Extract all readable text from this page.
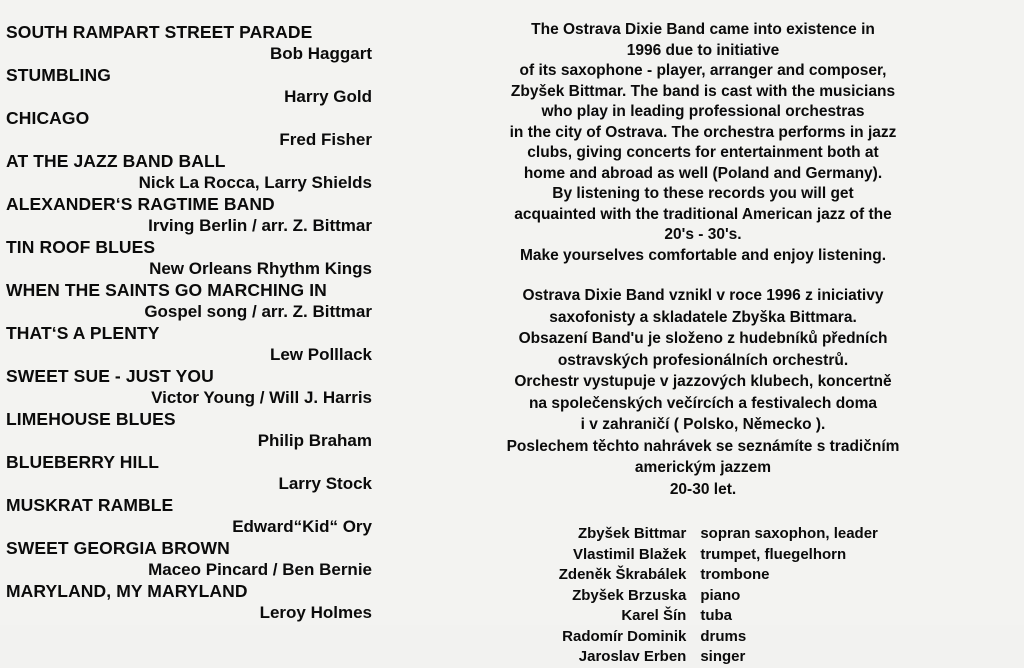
SOUTH RAMPART STREET PARADE
Bob Haggart
STUMBLING
Harry Gold
CHICAGO
Fred Fisher
AT THE JAZZ BAND BALL
Nick La Rocca, Larry Shields
ALEXANDER‘S RAGTIME BAND
Irving Berlin / arr. Z. Bittmar
TIN ROOF BLUES
New Orleans Rhythm Kings
WHEN THE SAINTS GO MARCHING IN
Gospel song / arr. Z. Bittmar
THAT‘S A PLENTY
Lew Polllack
SWEET SUE - JUST YOU
Victor Young / Will J. Harris
LIMEHOUSE BLUES
Philip Braham
BLUEBERRY HILL
Larry Stock
MUSKRAT RAMBLE
Edward“Kid“ Ory
SWEET GEORGIA BROWN
Maceo Pincard / Ben Bernie
MARYLAND, MY MARYLAND
Leroy Holmes

The Ostrava Dixie Band came into existence in
1996 due to initiative
of its saxophone - player, arranger and composer,
Zbyšek Bittmar. The band is cast with the musicians
who play in leading professional orchestras
in the city of Ostrava. The orchestra performs in jazz
clubs, giving concerts for entertainment both at
home and abroad as well (Poland and Germany).
By listening to these records you will get
acquainted with the traditional American jazz of the
20's - 30's.
Make yourselves comfortable and enjoy listening.

Ostrava Dixie Band vznikl v roce 1996 z iniciativy
saxofonisty a skladatele Zbyška Bittmara.
Obsazení Band'u je složeno z hudebníků předních
ostravských profesionálních orchestrů.
Orchestr vystupuje v jazzových klubech, koncertně
na společenských večírcích a festivalech doma
i v zahraničí ( Polsko, Německo ).
Poslechem těchto nahrávek se seznámíte s tradičním
americkým jazzem
20-30 let.

Zbyšek Bittmar sopran saxophon, leader
Vlastimil Blažek trumpet, fluegelhorn
Zdeněk Škrabálek trombone
Zbyšek Brzuska piano
Karel Šín tuba
Radomír Dominik drums
Jaroslav Erben singer
